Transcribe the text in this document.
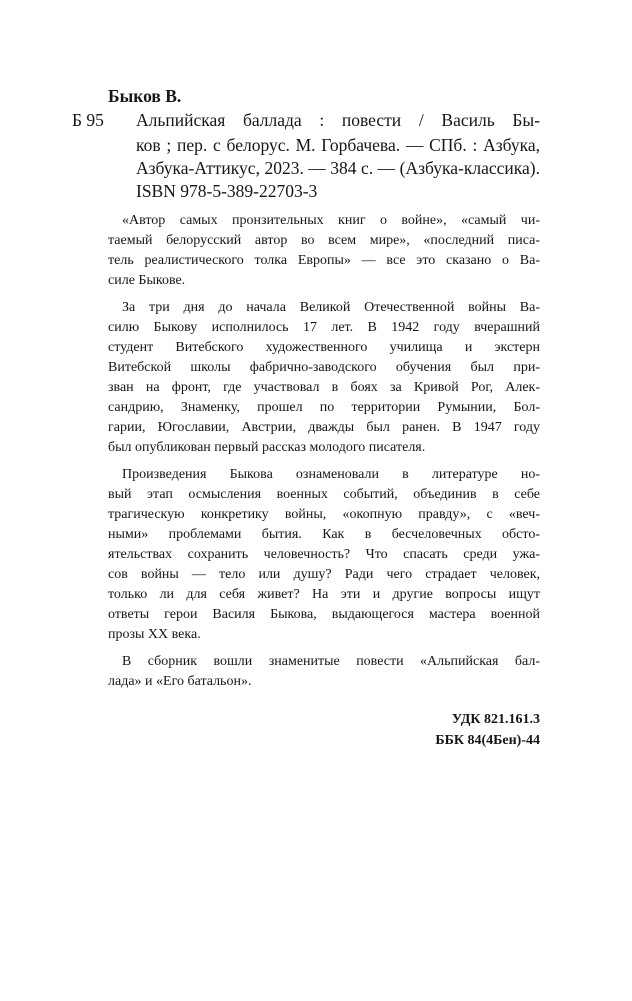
Быков В.
Б 95 Альпийская баллада : повести / Василь Бы-
ков ; пер. с белорус. М. Горбачева. — СПб. : Азбука,
Азбука-Аттикус, 2023. — 384 с. — (Азбука-классика).
ISBN 978-5-389-22703-3
«Автор самых пронзительных книг о войне», «самый чи-
таемый белорусский автор во всем мире», «последний писа-
тель реалистического толка Европы» — все это сказано о Ва-
силе Быкове.
За три дня до начала Великой Отечественной войны Ва-
силю Быкову исполнилось 17 лет. В 1942 году вчерашний
студент Витебского художественного училища и экстерн
Витебской школы фабрично-заводского обучения был при-
зван на фронт, где участвовал в боях за Кривой Рог, Алек-
сандрию, Знаменку, прошел по территории Румынии, Бол-
гарии, Югославии, Австрии, дважды был ранен. В 1947 году
был опубликован первый рассказ молодого писателя.
Произведения Быкова ознаменовали в литературе но-
вый этап осмысления военных событий, объединив в себе
трагическую конкретику войны, «окопную правду», с «веч-
ными» проблемами бытия. Как в бесчеловечных обсто-
ятельствах сохранить человечность? Что спасать среди ужа-
сов войны — тело или душу? Ради чего страдает человек,
только ли для себя живет? На эти и другие вопросы ищут
ответы герои Василя Быкова, выдающегося мастера военной
прозы XX века.
В сборник вошли знаменитые повести «Альпийская бал-
лада» и «Его батальон».
УДК 821.161.3
ББК 84(4Бен)-44
